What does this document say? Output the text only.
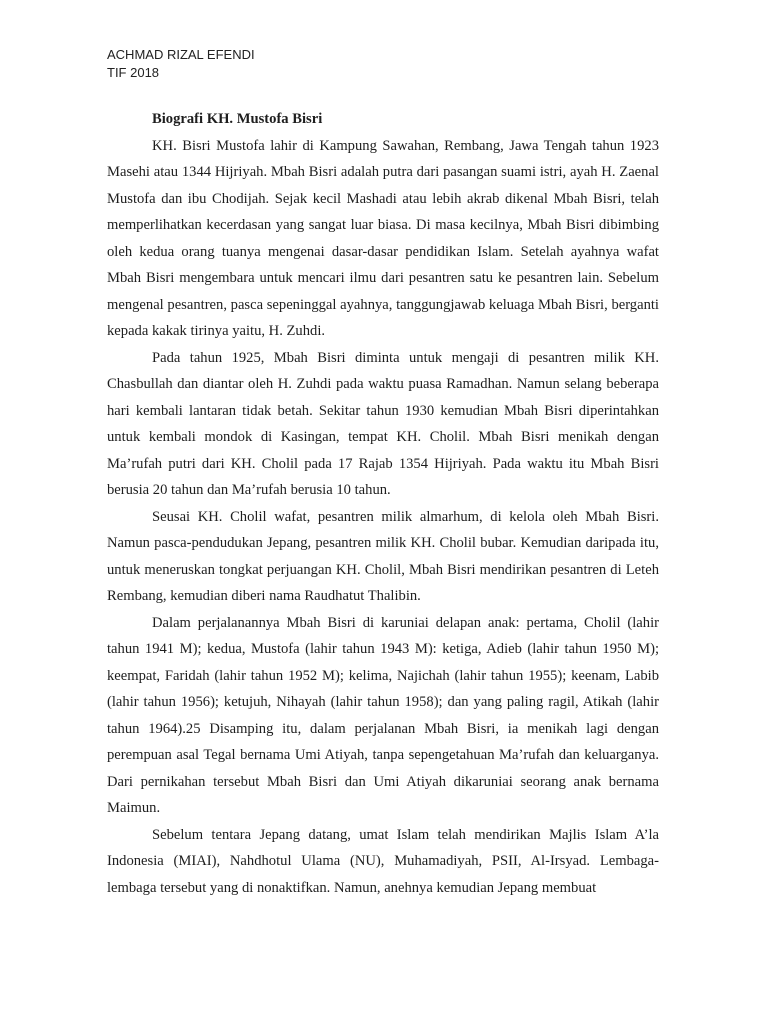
ACHMAD RIZAL EFENDI
TIF 2018
Biografi KH. Mustofa Bisri

KH. Bisri Mustofa lahir di Kampung Sawahan, Rembang, Jawa Tengah tahun 1923 Masehi atau 1344 Hijriyah. Mbah Bisri adalah putra dari pasangan suami istri, ayah H. Zaenal Mustofa dan ibu Chodijah. Sejak kecil Mashadi atau lebih akrab dikenal Mbah Bisri, telah memperlihatkan kecerdasan yang sangat luar biasa. Di masa kecilnya, Mbah Bisri dibimbing oleh kedua orang tuanya mengenai dasar-dasar pendidikan Islam. Setelah ayahnya wafat Mbah Bisri mengembara untuk mencari ilmu dari pesantren satu ke pesantren lain. Sebelum mengenal pesantren, pasca sepeninggal ayahnya, tanggungjawab keluaga Mbah Bisri, berganti kepada kakak tirinya yaitu, H. Zuhdi.

Pada tahun 1925, Mbah Bisri diminta untuk mengaji di pesantren milik KH. Chasbullah dan diantar oleh H. Zuhdi pada waktu puasa Ramadhan. Namun selang beberapa hari kembali lantaran tidak betah. Sekitar tahun 1930 kemudian Mbah Bisri diperintahkan untuk kembali mondok di Kasingan, tempat KH. Cholil. Mbah Bisri menikah dengan Ma’rufah putri dari KH. Cholil pada 17 Rajab 1354 Hijriyah. Pada waktu itu Mbah Bisri berusia 20 tahun dan Ma’rufah berusia 10 tahun.

Seusai KH. Cholil wafat, pesantren milik almarhum, di kelola oleh Mbah Bisri. Namun pasca-pendudukan Jepang, pesantren milik KH. Cholil bubar. Kemudian daripada itu, untuk meneruskan tongkat perjuangan KH. Cholil, Mbah Bisri mendirikan pesantren di Leteh Rembang, kemudian diberi nama Raudhatut Thalibin.

Dalam perjalanannya Mbah Bisri di karuniai delapan anak: pertama, Cholil (lahir tahun 1941 M); kedua, Mustofa (lahir tahun 1943 M): ketiga, Adieb (lahir tahun 1950 M); keempat, Faridah (lahir tahun 1952 M); kelima, Najichah (lahir tahun 1955); keenam, Labib (lahir tahun 1956); ketujuh, Nihayah (lahir tahun 1958); dan yang paling ragil, Atikah (lahir tahun 1964).25 Disamping itu, dalam perjalanan Mbah Bisri, ia menikah lagi dengan perempuan asal Tegal bernama Umi Atiyah, tanpa sepengetahuan Ma’rufah dan keluarganya. Dari pernikahan tersebut Mbah Bisri dan Umi Atiyah dikaruniai seorang anak bernama Maimun.

Sebelum tentara Jepang datang, umat Islam telah mendirikan Majlis Islam A’la Indonesia (MIAI), Nahdhotul Ulama (NU), Muhamadiyah, PSII, Al-Irsyad. Lembaga-lembaga tersebut yang di nonaktifkan. Namun, anehnya kemudian Jepang membuat
